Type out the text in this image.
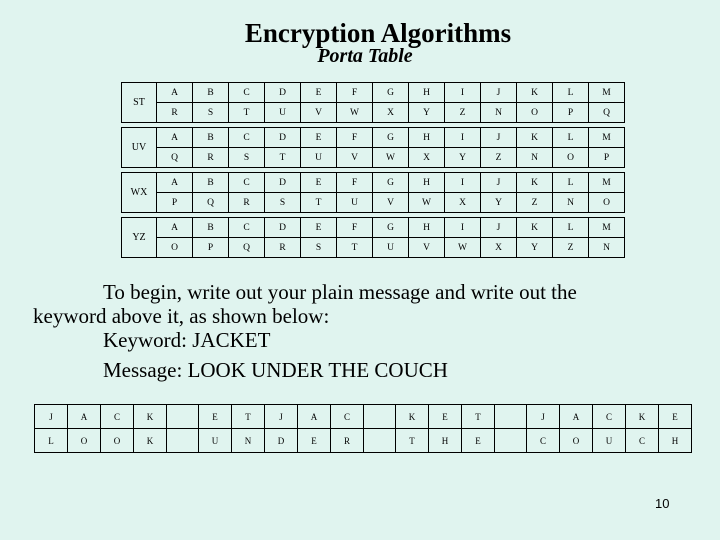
Encryption Algorithms
Porta Table
ST	A	B	C	D	E	F	G	H	I	J	K	L	M
	R	S	T	U	V	W	X	Y	Z	N	O	P	Q

UV	A	B	C	D	E	F	G	H	I	J	K	L	M
	Q	R	S	T	U	V	W	X	Y	Z	N	O	P

WX	A	B	C	D	E	F	G	H	I	J	K	L	M
	P	Q	R	S	T	U	V	W	X	Y	Z	N	O

YZ	A	B	C	D	E	F	G	H	I	J	K	L	M
	O	P	Q	R	S	T	U	V	W	X	Y	Z	N
To begin, write out your plain message and write out the
keyword above it, as shown below:
Keyword: JACKET
Message: LOOK UNDER THE COUCH
J	A	C	K		E	T	J	A	C		K	E	T		J	A	C	K	E
L	O	O	K		U	N	D	E	R		T	H	E		C	O	U	C	H
10
